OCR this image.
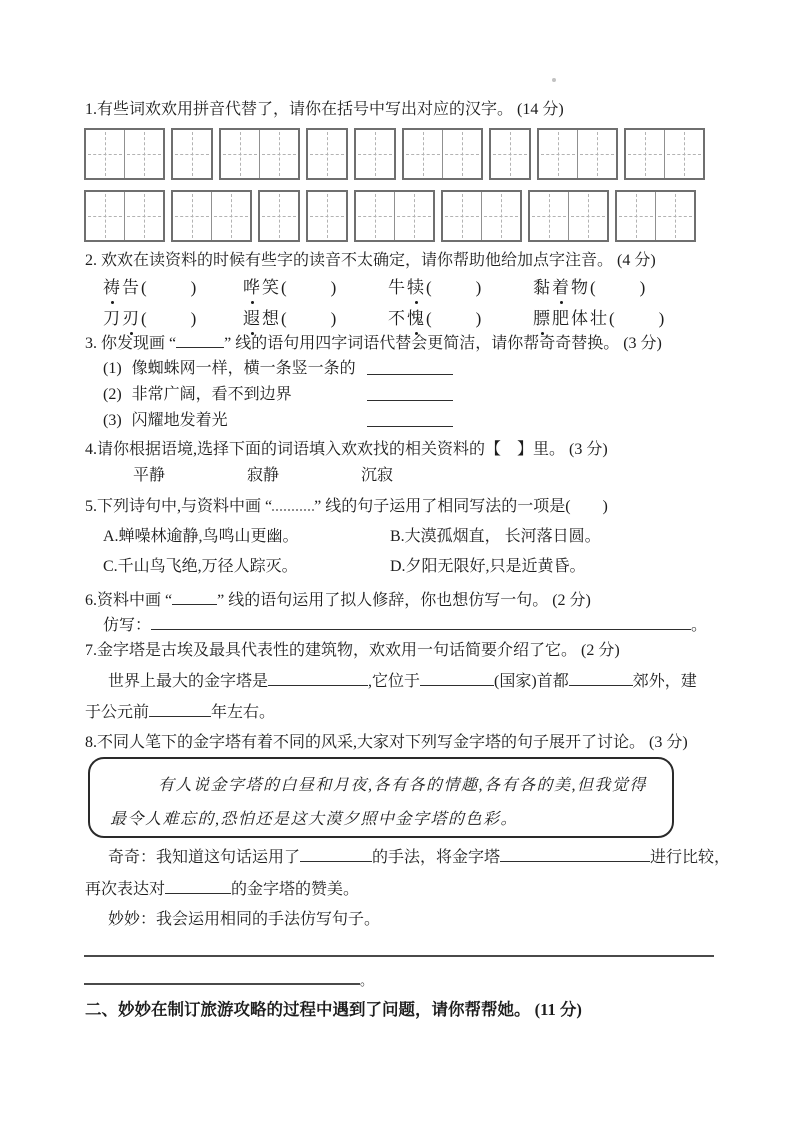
1.有些词欢欢用拼音代替了，请你在括号中写出对应的汉字。 (14 分)
2. 欢欢在读资料的时候有些字的读音不太确定，请你帮助他给加点字注音。 (4 分)
祷告(	)	哗笑(	)	牛犊(	)	黏着物(	)
刀刃(	)	遐想(	)	不愧(	)	膘肥体壮(	)
3. 你发现画 “	” 线的语句用四字词语代替会更简洁，请你帮奇奇替换。 (3 分)
(1) 像蜘蛛网一样，横一条竖一条的
(2) 非常广阔，看不到边界
(3) 闪耀地发着光
4.请你根据语境,选择下面的词语填入欢欢找的相关资料的【　】里。 (3 分)
平静	寂静	沉寂
5.下列诗句中,与资料中画 “	” 线的句子运用了相同写法的一项是(　　)
A.蝉噪林逾静,鸟鸣山更幽。	B.大漠孤烟直， 长河落日圆。
C.千山鸟飞绝,万径人踪灭。	D.夕阳无限好,只是近黄昏。
6.资料中画 “	” 线的语句运用了拟人修辞，你也想仿写一句。 (2 分)
仿写：	。
7.金字塔是古埃及最具代表性的建筑物，欢欢用一句话简要介绍了它。 (2 分)
世界上最大的金字塔是	,它位于	(国家)首都	郊外，建
于公元前	年左右。
8.不同人笔下的金字塔有着不同的风采,大家对下列写金字塔的句子展开了讨论。 (3 分)
有人说金字塔的白昼和月夜,各有各的情趣,各有各的美,但我觉得最令人难忘的,恐怕还是这大漠夕照中金字塔的色彩。
奇奇：我知道这句话运用了	的手法，将金字塔	进行比较，
再次表达对	的金字塔的赞美。
妙妙：我会运用相同的手法仿写句子。
。
二、妙妙在制订旅游攻略的过程中遇到了问题，请你帮帮她。 (11 分)
